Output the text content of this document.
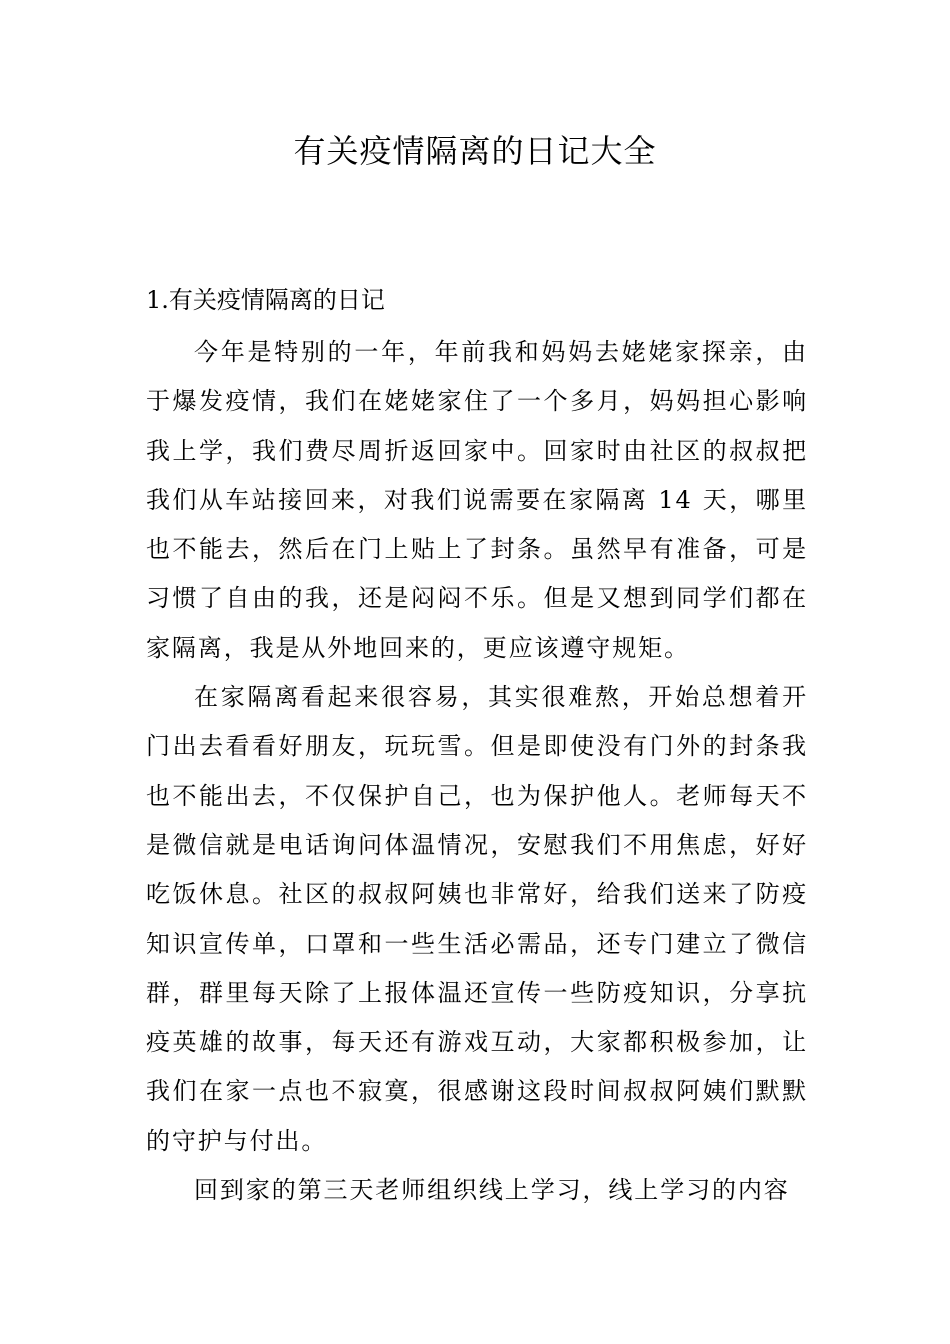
有关疫情隔离的日记大全
1.有关疫情隔离的日记

今年是特别的一年，年前我和妈妈去姥姥家探亲，由于爆发疫情，我们在姥姥家住了一个多月，妈妈担心影响我上学，我们费尽周折返回家中。回家时由社区的叔叔把我们从车站接回来，对我们说需要在家隔离 14 天，哪里也不能去，然后在门上贴上了封条。虽然早有准备，可是习惯了自由的我，还是闷闷不乐。但是又想到同学们都在家隔离，我是从外地回来的，更应该遵守规矩。

在家隔离看起来很容易，其实很难熬，开始总想着开门出去看看好朋友，玩玩雪。但是即使没有门外的封条我也不能出去，不仅保护自己，也为保护他人。老师每天不是微信就是电话询问体温情况，安慰我们不用焦虑，好好吃饭休息。社区的叔叔阿姨也非常好，给我们送来了防疫知识宣传单，口罩和一些生活必需品，还专门建立了微信群，群里每天除了上报体温还宣传一些防疫知识，分享抗疫英雄的故事，每天还有游戏互动，大家都积极参加，让我们在家一点也不寂寞，很感谢这段时间叔叔阿姨们默默的守护与付出。

回到家的第三天老师组织线上学习，线上学习的内容
